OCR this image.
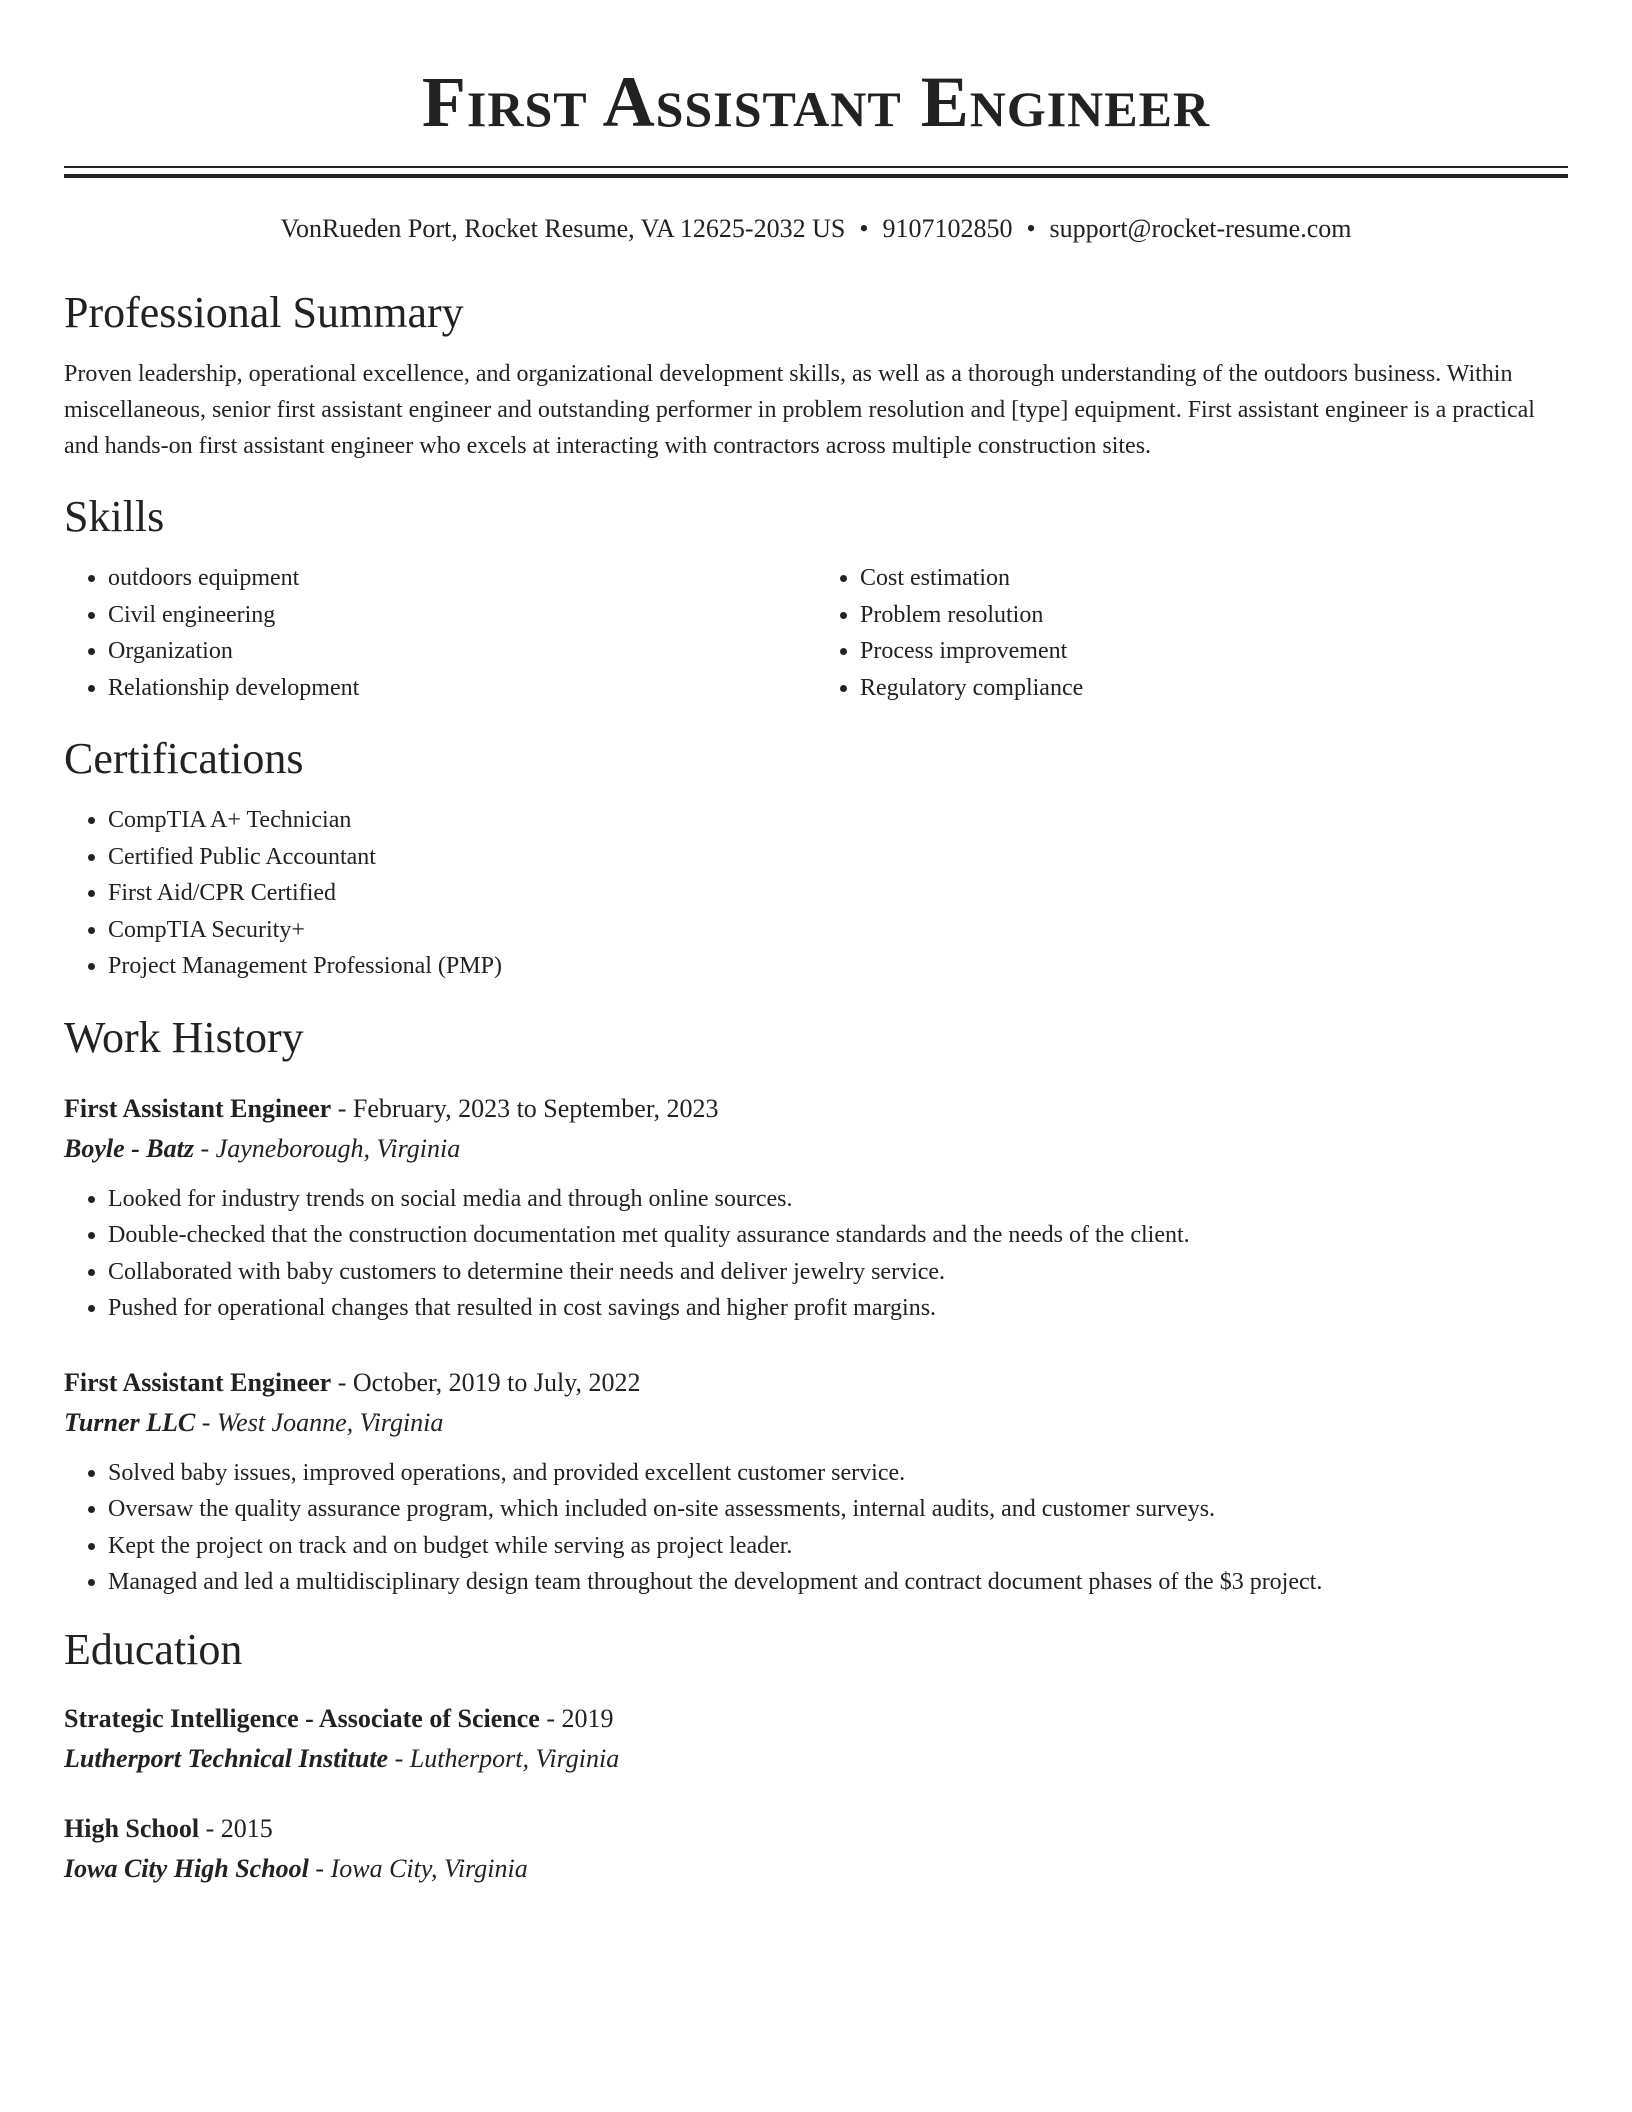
First Assistant Engineer
VonRueden Port, Rocket Resume, VA 12625-2032 US • 9107102850 • support@rocket-resume.com
Professional Summary

Proven leadership, operational excellence, and organizational development skills, as well as a thorough understanding of the outdoors business. Within miscellaneous, senior first assistant engineer and outstanding performer in problem resolution and [type] equipment. First assistant engineer is a practical and hands-on first assistant engineer who excels at interacting with contractors across multiple construction sites.

Skills
• outdoors equipment
• Civil engineering
• Organization
• Relationship development
• Cost estimation
• Problem resolution
• Process improvement
• Regulatory compliance
Certifications
• CompTIA A+ Technician
• Certified Public Accountant
• First Aid/CPR Certified
• CompTIA Security+
• Project Management Professional (PMP)
Work History
First Assistant Engineer - February, 2023 to September, 2023
Boyle - Batz - Jayneborough, Virginia
• Looked for industry trends on social media and through online sources.
• Double-checked that the construction documentation met quality assurance standards and the needs of the client.
• Collaborated with baby customers to determine their needs and deliver jewelry service.
• Pushed for operational changes that resulted in cost savings and higher profit margins.
First Assistant Engineer - October, 2019 to July, 2022
Turner LLC - West Joanne, Virginia
• Solved baby issues, improved operations, and provided excellent customer service.
• Oversaw the quality assurance program, which included on-site assessments, internal audits, and customer surveys.
• Kept the project on track and on budget while serving as project leader.
• Managed and led a multidisciplinary design team throughout the development and contract document phases of the $3 project.
Education
Strategic Intelligence - Associate of Science - 2019
Lutherport Technical Institute - Lutherport, Virginia
High School - 2015
Iowa City High School - Iowa City, Virginia
